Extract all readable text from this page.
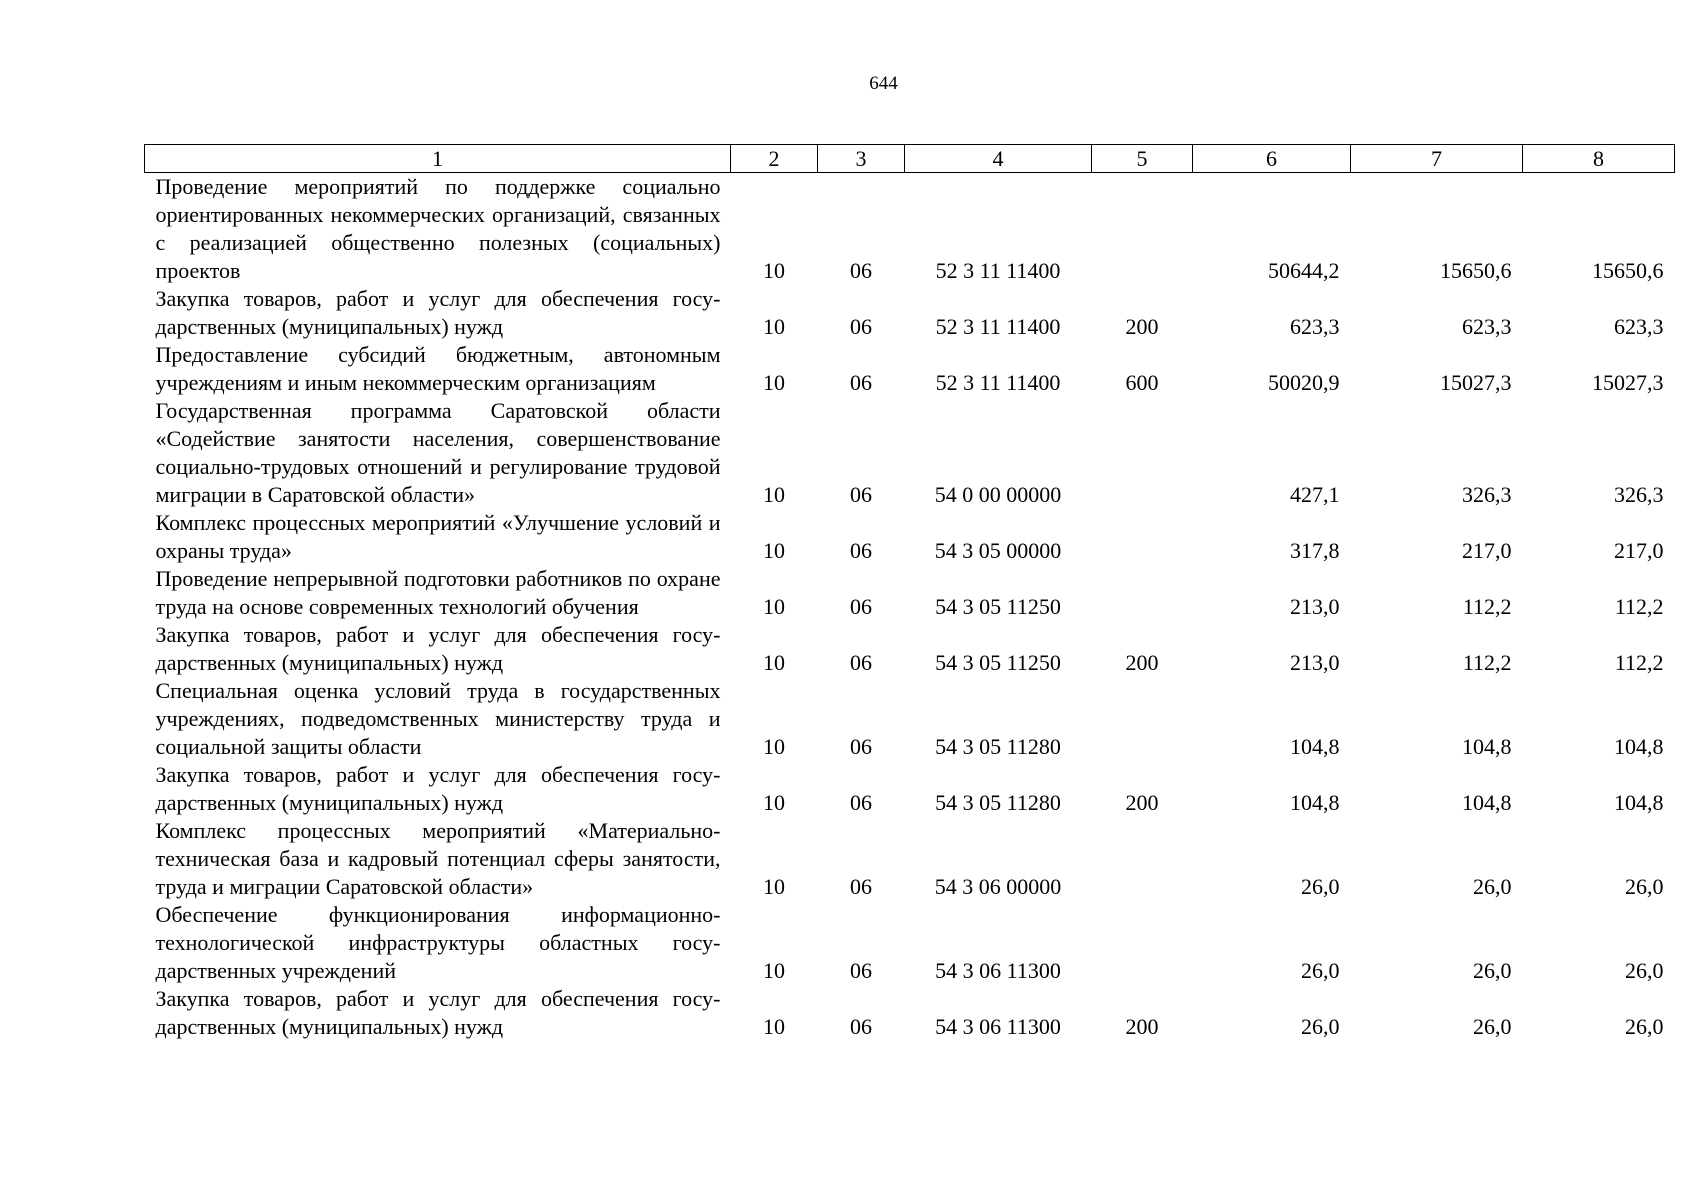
644
1	2	3	4	5	6	7	8
Проведение мероприятий по поддержке социально ориентированных некоммерческих организаций, связанных с реализацией общественно полезных (социальных) проектов	10	06	52 3 11 11400		50644,2	15650,6	15650,6
Закупка товаров, работ и услуг для обеспечения государственных (муниципальных) нужд	10	06	52 3 11 11400	200	623,3	623,3	623,3
Предоставление субсидий бюджетным, автономным учреждениям и иным некоммерческим организациям	10	06	52 3 11 11400	600	50020,9	15027,3	15027,3
Государственная программа Саратовской области «Содействие занятости населения, совершенствование социально-трудовых отношений и регулирование трудовой миграции в Саратовской области»	10	06	54 0 00 00000		427,1	326,3	326,3
Комплекс процессных мероприятий «Улучшение условий и охраны труда»	10	06	54 3 05 00000		317,8	217,0	217,0
Проведение непрерывной подготовки работников по охране труда на основе современных технологий обучения	10	06	54 3 05 11250		213,0	112,2	112,2
Закупка товаров, работ и услуг для обеспечения государственных (муниципальных) нужд	10	06	54 3 05 11250	200	213,0	112,2	112,2
Специальная оценка условий труда в государственных учреждениях, подведомственных министерству труда и социальной защиты области	10	06	54 3 05 11280		104,8	104,8	104,8
Закупка товаров, работ и услуг для обеспечения государственных (муниципальных) нужд	10	06	54 3 05 11280	200	104,8	104,8	104,8
Комплекс процессных мероприятий «Материально-техническая база и кадровый потенциал сферы занятости, труда и миграции Саратовской области»	10	06	54 3 06 00000		26,0	26,0	26,0
Обеспечение функционирования информационно-технологической инфраструктуры областных государственных учреждений	10	06	54 3 06 11300		26,0	26,0	26,0
Закупка товаров, работ и услуг для обеспечения государственных (муниципальных) нужд	10	06	54 3 06 11300	200	26,0	26,0	26,0
